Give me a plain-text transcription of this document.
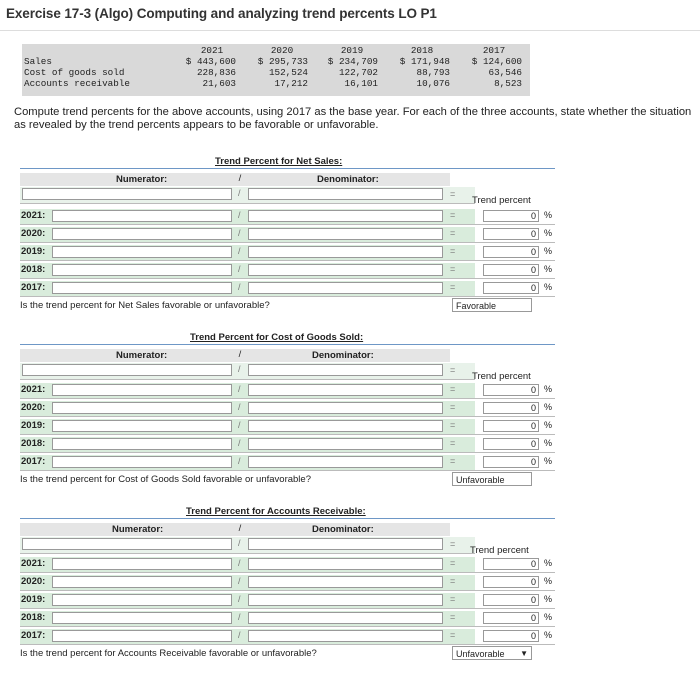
Exercise 17-3 (Algo) Computing and analyzing trend percents LO P1
2021	2020	2019	2018	2017
Sales	$ 443,600	$ 295,733	$ 234,709	$ 171,948	$ 124,600
Cost of goods sold	228,836	152,524	122,702	88,793	63,546
Accounts receivable	21,603	17,212	16,101	10,076	8,523
Compute trend percents for the above accounts, using 2017 as the base year. For each of the three accounts, state whether the situation as revealed by the trend percents appears to be favorable or unfavorable.
Trend Percent for Net Sales:
Numerator:	/	Denominator:
/	=
Trend percent
2021:	/	=	0 %
2020:	/	=	0 %
2019:	/	=	0 %
2018:	/	=	0 %
2017:	/	=	0 %
Is the trend percent for Net Sales favorable or unfavorable?	Favorable
Trend Percent for Cost of Goods Sold:
Numerator:	/	Denominator:
/	=
Trend percent
2021:	/	=	0 %
2020:	/	=	0 %
2019:	/	=	0 %
2018:	/	=	0 %
2017:	/	=	0 %
Is the trend percent for Cost of Goods Sold favorable or unfavorable?	Unfavorable
Trend Percent for Accounts Receivable:
Numerator:	/	Denominator:
/	=
Trend percent
2021:	/	=	0 %
2020:	/	=	0 %
2019:	/	=	0 %
2018:	/	=	0 %
2017:	/	=	0 %
Is the trend percent for Accounts Receivable favorable or unfavorable?	Unfavorable ▼
